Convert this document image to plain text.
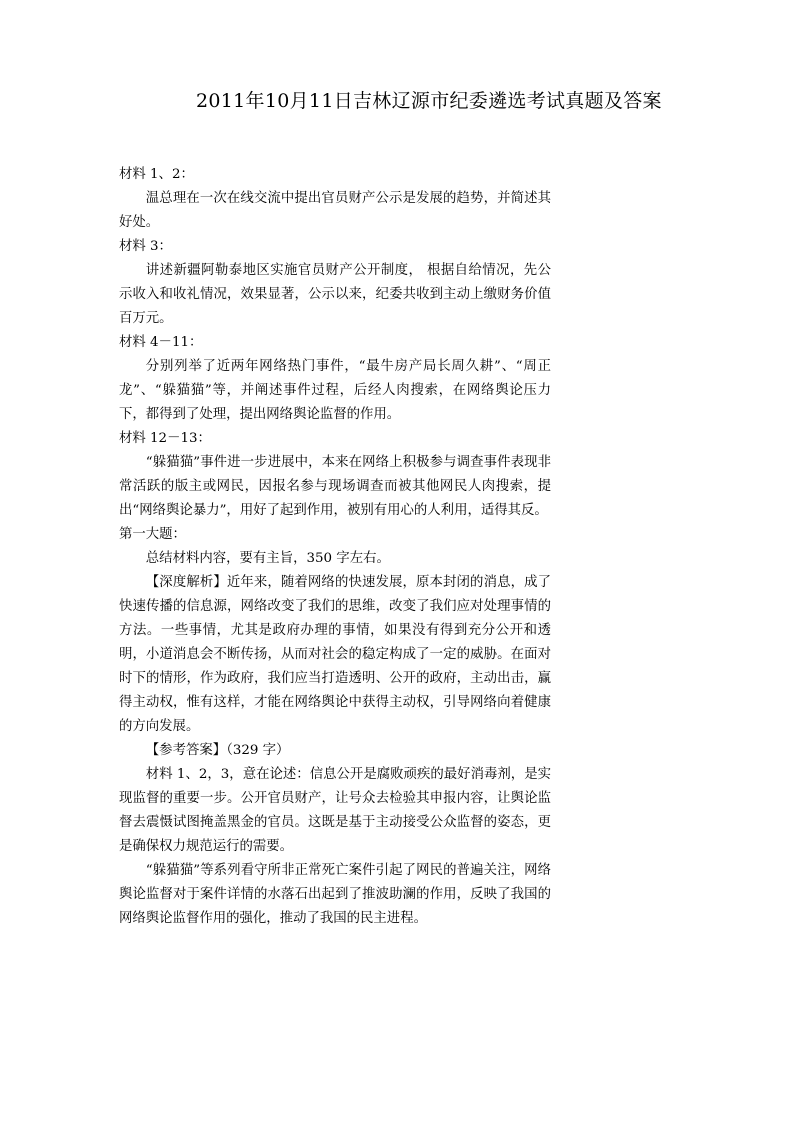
2011年10月11日吉林辽源市纪委遴选考试真题及答案
材料 1、2：
温总理在一次在线交流中提出官员财产公示是发展的趋势，并简述其好处。
材料 3：
讲述新疆阿勒泰地区实施官员财产公开制度， 根据自给情况，先公示收入和收礼情况，效果显著，公示以来，纪委共收到主动上缴财务价值百万元。
材料 4－11：
分别列举了近两年网络热门事件，“最牛房产局长周久耕”、“周正龙”、“躲猫猫”等，并阐述事件过程，后经人肉搜索，在网络舆论压力下，都得到了处理，提出网络舆论监督的作用。
材料 12－13：
“躲猫猫”事件进一步进展中，本来在网络上积极参与调查事件表现非常活跃的版主或网民，因报名参与现场调查而被其他网民人肉搜索，提出“网络舆论暴力”，用好了起到作用，被别有用心的人利用，适得其反。
第一大题：
总结材料内容，要有主旨，350 字左右。
【深度解析】近年来，随着网络的快速发展，原本封闭的消息，成了快速传播的信息源，网络改变了我们的思维，改变了我们应对处理事情的方法。一些事情，尤其是政府办理的事情，如果没有得到充分公开和透明，小道消息会不断传扬，从而对社会的稳定构成了一定的威胁。在面对时下的情形，作为政府，我们应当打造透明、公开的政府，主动出击，赢得主动权，惟有这样，才能在网络舆论中获得主动权，引导网络向着健康的方向发展。
【参考答案】（329 字）
材料 1、2，3，意在论述：信息公开是腐败顽疾的最好消毒剂，是实现监督的重要一步。公开官员财产，让号众去检验其申报内容，让舆论监督去震慑试图掩盖黑金的官员。这既是基于主动接受公众监督的姿态，更是确保权力规范运行的需要。
“躲猫猫”等系列看守所非正常死亡案件引起了网民的普遍关注，网络舆论监督对于案件详情的水落石出起到了推波助澜的作用，反映了我国的网络舆论监督作用的强化，推动了我国的民主进程。
